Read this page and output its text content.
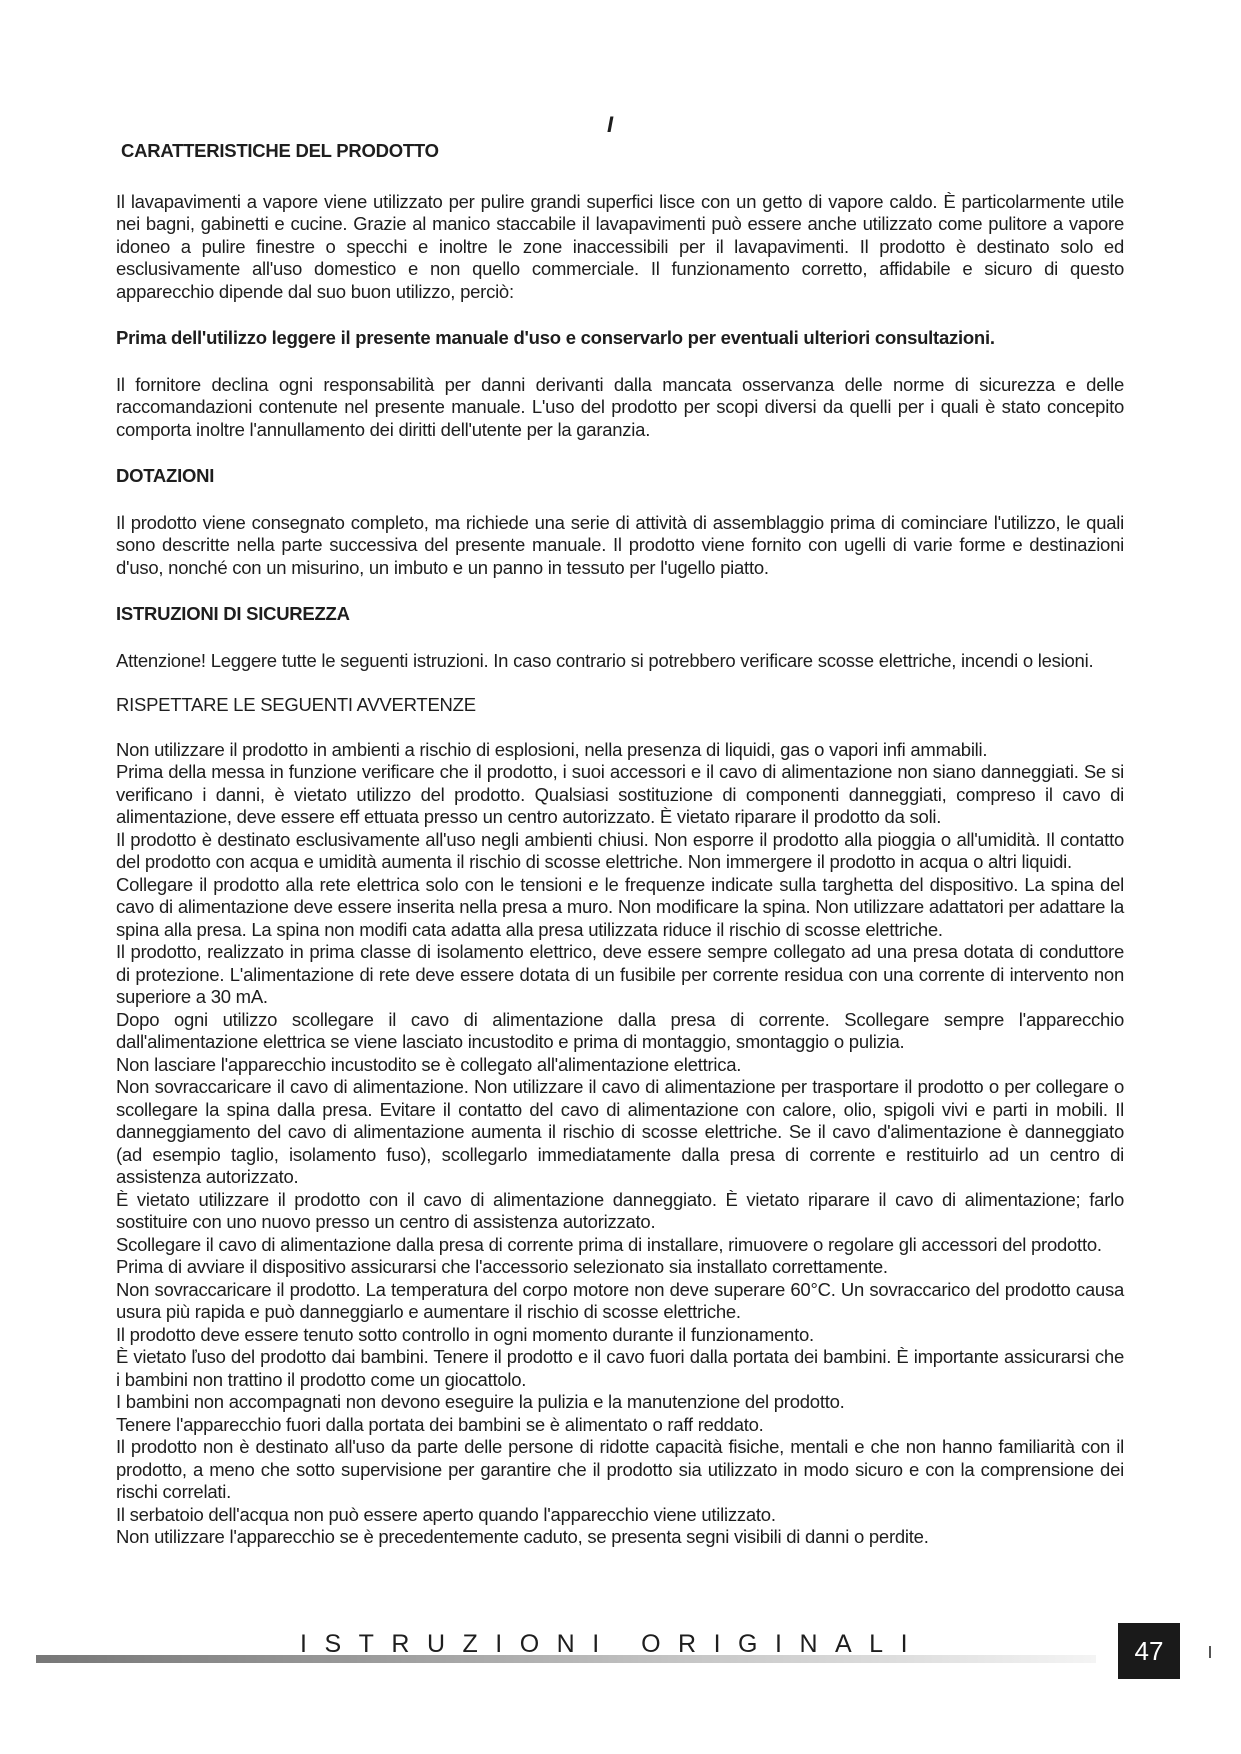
I

CARATTERISTICHE DEL PRODOTTO

Il lavapavimenti a vapore viene utilizzato per pulire grandi superfici lisce con un getto di vapore caldo. È particolarmente utile nei bagni, gabinetti e cucine. Grazie al manico staccabile il lavapavimenti può essere anche utilizzato come pulitore a vapore idoneo a pulire finestre o specchi e inoltre le zone inaccessibili per il lavapavimenti. Il prodotto è destinato solo ed esclusivamente all'uso domestico e non quello commerciale. Il funzionamento corretto, affidabile e sicuro di questo apparecchio dipende dal suo buon utilizzo, perciò:

Prima dell'utilizzo leggere il presente manuale d'uso e conservarlo per eventuali ulteriori consultazioni.

Il fornitore declina ogni responsabilità per danni derivanti dalla mancata osservanza delle norme di sicurezza e delle raccomandazioni contenute nel presente manuale. L'uso del prodotto per scopi diversi da quelli per i quali è stato concepito comporta inoltre l'annullamento dei diritti dell'utente per la garanzia.

DOTAZIONI

Il prodotto viene consegnato completo, ma richiede una serie di attività di assemblaggio prima di cominciare l'utilizzo, le quali sono descritte nella parte successiva del presente manuale. Il prodotto viene fornito con ugelli di varie forme e destinazioni d'uso, nonché con un misurino, un imbuto e un panno in tessuto per l'ugello piatto.

ISTRUZIONI DI SICUREZZA

Attenzione! Leggere tutte le seguenti istruzioni. In caso contrario si potrebbero verificare scosse elettriche, incendi o lesioni.

RISPETTARE LE SEGUENTI AVVERTENZE

Non utilizzare il prodotto in ambienti a rischio di esplosioni, nella presenza di liquidi, gas o vapori infi ammabili.

Prima della messa in funzione verificare che il prodotto, i suoi accessori e il cavo di alimentazione non siano danneggiati. Se si verificano i danni, è vietato utilizzo del prodotto. Qualsiasi sostituzione di componenti danneggiati, compreso il cavo di alimentazione, deve essere eff ettuata presso un centro autorizzato. È vietato riparare il prodotto da soli.

Il prodotto è destinato esclusivamente all'uso negli ambienti chiusi. Non esporre il prodotto alla pioggia o all'umidità. Il contatto del prodotto con acqua e umidità aumenta il rischio di scosse elettriche. Non immergere il prodotto in acqua o altri liquidi.

Collegare il prodotto alla rete elettrica solo con le tensioni e le frequenze indicate sulla targhetta del dispositivo. La spina del cavo di alimentazione deve essere inserita nella presa a muro. Non modificare la spina. Non utilizzare adattatori per adattare la spina alla presa. La spina non modifi cata adatta alla presa utilizzata riduce il rischio di scosse elettriche.

Il prodotto, realizzato in prima classe di isolamento elettrico, deve essere sempre collegato ad una presa dotata di conduttore di protezione. L'alimentazione di rete deve essere dotata di un fusibile per corrente residua con una corrente di intervento non superiore a 30 mA.

Dopo ogni utilizzo scollegare il cavo di alimentazione dalla presa di corrente. Scollegare sempre l'apparecchio dall'alimentazione elettrica se viene lasciato incustodito e prima di montaggio, smontaggio o pulizia.

Non lasciare l'apparecchio incustodito se è collegato all'alimentazione elettrica.

Non sovraccaricare il cavo di alimentazione. Non utilizzare il cavo di alimentazione per trasportare il prodotto o per collegare o scollegare la spina dalla presa. Evitare il contatto del cavo di alimentazione con calore, olio, spigoli vivi e parti in mobili. Il danneggiamento del cavo di alimentazione aumenta il rischio di scosse elettriche. Se il cavo d'alimentazione è danneggiato (ad esempio taglio, isolamento fuso), scollegarlo immediatamente dalla presa di corrente e restituirlo ad un centro di assistenza autorizzato.

È vietato utilizzare il prodotto con il cavo di alimentazione danneggiato. È vietato riparare il cavo di alimentazione; farlo sostituire con uno nuovo presso un centro di assistenza autorizzato.

Scollegare il cavo di alimentazione dalla presa di corrente prima di installare, rimuovere o regolare gli accessori del prodotto.

Prima di avviare il dispositivo assicurarsi che l'accessorio selezionato sia installato correttamente.

Non sovraccaricare il prodotto. La temperatura del corpo motore non deve superare 60°C. Un sovraccarico del prodotto causa usura più rapida e può danneggiarlo e aumentare il rischio di scosse elettriche.

Il prodotto deve essere tenuto sotto controllo in ogni momento durante il funzionamento.

È vietato ľuso del prodotto dai bambini. Tenere il prodotto e il cavo fuori dalla portata dei bambini. È importante assicurarsi che i bambini non trattino il prodotto come un giocattolo.

I bambini non accompagnati non devono eseguire la pulizia e la manutenzione del prodotto.

Tenere l'apparecchio fuori dalla portata dei bambini se è alimentato o raff reddato.

Il prodotto non è destinato all'uso da parte delle persone di ridotte capacità fisiche, mentali e che non hanno familiarità con il prodotto, a meno che sotto supervisione per garantire che il prodotto sia utilizzato in modo sicuro e con la comprensione dei rischi correlati.

Il serbatoio dell'acqua non può essere aperto quando l'apparecchio viene utilizzato.

Non utilizzare l'apparecchio se è precedentemente caduto, se presenta segni visibili di danni o perdite.

ISTRUZIONI ORIGINALI	47
